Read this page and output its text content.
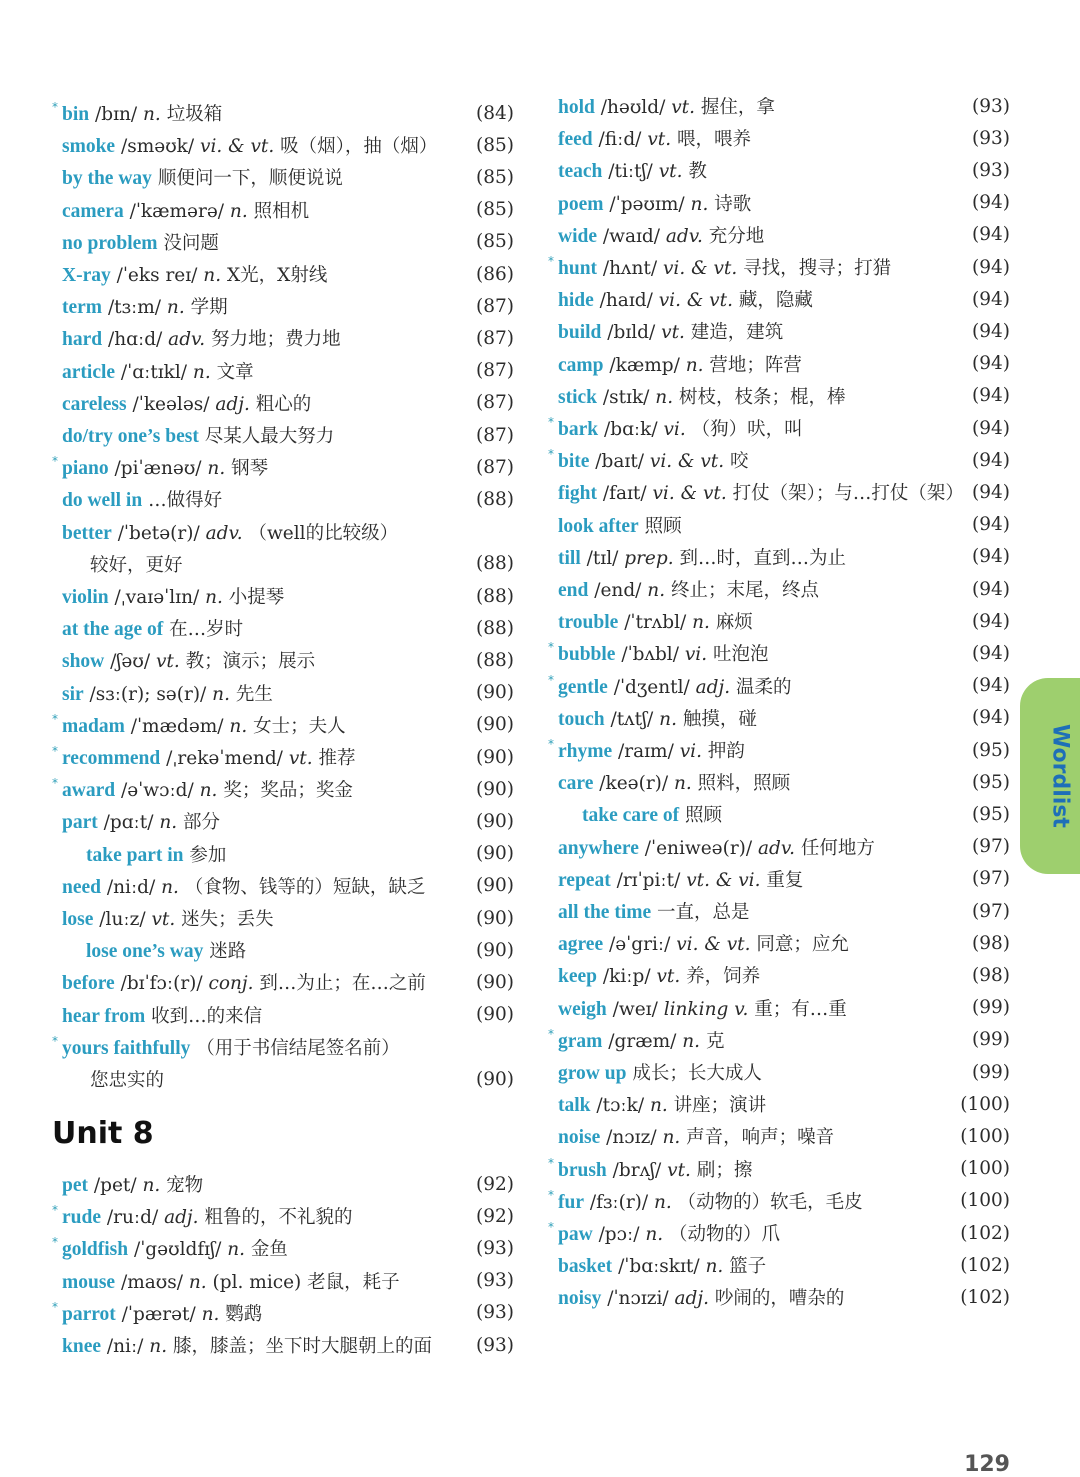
* bin /bɪn/ n. 垃圾箱	(84)
smoke /sməʊk/ vi. & vt. 吸（烟），抽（烟）	(85)
by the way 顺便问一下，顺便说说	(85)
camera /ˈkæmərə/ n. 照相机	(85)
no problem 没问题	(85)
X-ray /ˈeks reɪ/ n. X光，X射线	(86)
term /tɜːm/ n. 学期	(87)
hard /hɑːd/ adv. 努力地；费力地	(87)
article /ˈɑːtɪkl/ n. 文章	(87)
careless /ˈkeələs/ adj. 粗心的	(87)
do/try one’s best 尽某人最大努力	(87)
* piano /piˈænəʊ/ n. 钢琴	(87)
do well in …做得好	(88)
better /ˈbetə(r)/ adv. （well的比较级）
较好，更好	(88)
violin /ˌvaɪəˈlɪn/ n. 小提琴	(88)
at the age of 在…岁时	(88)
show /ʃəʊ/ vt. 教；演示；展示	(88)
sir /sɜː(r); sə(r)/ n. 先生	(90)
* madam /ˈmædəm/ n. 女士；夫人	(90)
* recommend /ˌrekəˈmend/ vt. 推荐	(90)
* award /əˈwɔːd/ n. 奖；奖品；奖金	(90)
part /pɑːt/ n. 部分	(90)
take part in 参加	(90)
need /niːd/ n. （食物、钱等的）短缺，缺乏	(90)
lose /luːz/ vt. 迷失；丢失	(90)
lose one’s way 迷路	(90)
before /bɪˈfɔː(r)/ conj. 到…为止；在…之前	(90)
hear from 收到…的来信	(90)
* yours faithfully （用于书信结尾签名前）
您忠实的	(90)
Unit 8
pet /pet/ n. 宠物	(92)
* rude /ruːd/ adj. 粗鲁的，不礼貌的	(92)
* goldfish /ˈgəʊldfɪʃ/ n. 金鱼	(93)
mouse /maʊs/ n. (pl. mice) 老鼠，耗子	(93)
* parrot /ˈpærət/ n. 鹦鹉	(93)
knee /niː/ n. 膝，膝盖；坐下时大腿朝上的面	(93)
hold /həʊld/ vt. 握住，拿	(93)
feed /fiːd/ vt. 喂，喂养	(93)
teach /tiːtʃ/ vt. 教	(93)
poem /ˈpəʊɪm/ n. 诗歌	(94)
wide /waɪd/ adv. 充分地	(94)
* hunt /hʌnt/ vi. & vt. 寻找，搜寻；打猎	(94)
hide /haɪd/ vi. & vt. 藏，隐藏	(94)
build /bɪld/ vt. 建造，建筑	(94)
camp /kæmp/ n. 营地；阵营	(94)
stick /stɪk/ n. 树枝，枝条；棍，棒	(94)
* bark /bɑːk/ vi. （狗）吠，叫	(94)
* bite /baɪt/ vi. & vt. 咬	(94)
fight /faɪt/ vi. & vt. 打仗（架）；与…打仗（架） (94)
look after 照顾	(94)
till /tɪl/ prep. 到…时，直到…为止	(94)
end /end/ n. 终止；末尾，终点	(94)
trouble /ˈtrʌbl/ n. 麻烦	(94)
* bubble /ˈbʌbl/ vi. 吐泡泡	(94)
* gentle /ˈdʒentl/ adj. 温柔的	(94)
touch /tʌtʃ/ n. 触摸，碰	(94)
* rhyme /raɪm/ vi. 押韵	(95)
care /keə(r)/ n. 照料，照顾	(95)
take care of 照顾	(95)
anywhere /ˈeniweə(r)/ adv. 任何地方	(97)
repeat /rɪˈpiːt/ vt. & vi. 重复	(97)
all the time 一直，总是	(97)
agree /əˈgriː/ vi. & vt. 同意；应允	(98)
keep /kiːp/ vt. 养，饲养	(98)
weigh /weɪ/ linking v. 重；有…重	(99)
* gram /græm/ n. 克	(99)
grow up 成长；长大成人	(99)
talk /tɔːk/ n. 讲座；演讲	(100)
noise /nɔɪz/ n. 声音，响声；噪音	(100)
* brush /brʌʃ/ vt. 刷；擦	(100)
* fur /fɜː(r)/ n. （动物的）软毛，毛皮	(100)
* paw /pɔː/ n. （动物的）爪	(102)
basket /ˈbɑːskɪt/ n. 篮子	(102)
noisy /ˈnɔɪzi/ adj. 吵闹的，嘈杂的	(102)
Wordlist
129
